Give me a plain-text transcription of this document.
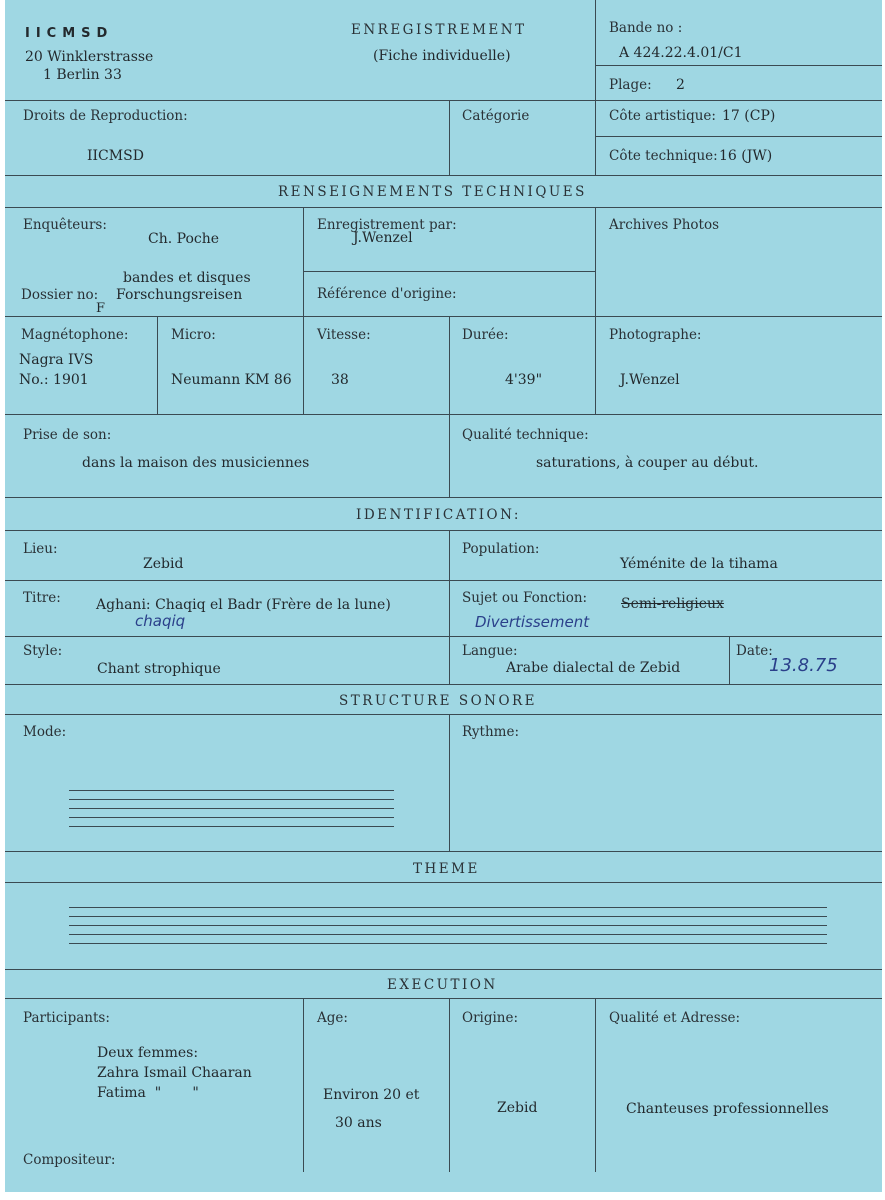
IICMSD
20 Winklerstrasse
1 Berlin 33
ENREGISTREMENT
(Fiche individuelle)
Bande no :
A 424.22.4.01/C1
Plage: 2
Droits de Reproduction:
IICMSD
Catégorie	Côte artistique: 17 (CP)
Côte technique: 16 (JW)
RENSEIGNEMENTS TECHNIQUES
Enquêteurs:
Ch. Poche
bandes et disques
Dossier no: Forschungsreisen
F
Enregistrement par:
J.Wenzel
Référence d'origine:
Archives Photos
Magnétophone:
Nagra IVS
No.: 1901
Micro:
Neumann KM 86
Vitesse:
38
Durée:
4'39"
Photographe:
J.Wenzel
Prise de son:
dans la maison des musiciennes
Qualité technique:
saturations, à couper au début.
IDENTIFICATION:
Lieu:
Zebid
Population:
Yéménite de la tihama
Titre:	Aghani: Chaqiq el Badr (Frère de la lune)
chaqiq
Sujet ou Fonction: Semi-religieux
Divertissement
Style:
Chant strophique
Langue:
Arabe dialectal de Zebid
Date:
13.8.75
STRUCTURE SONORE
Mode:	Rythme:
THEME
EXECUTION
Participants:
Deux femmes:
Zahra Ismail Chaaran
Fatima  "       "
Compositeur:
Age:
Environ 20 et
30 ans
Origine:
Zebid
Qualité et Adresse:
Chanteuses professionnelles
